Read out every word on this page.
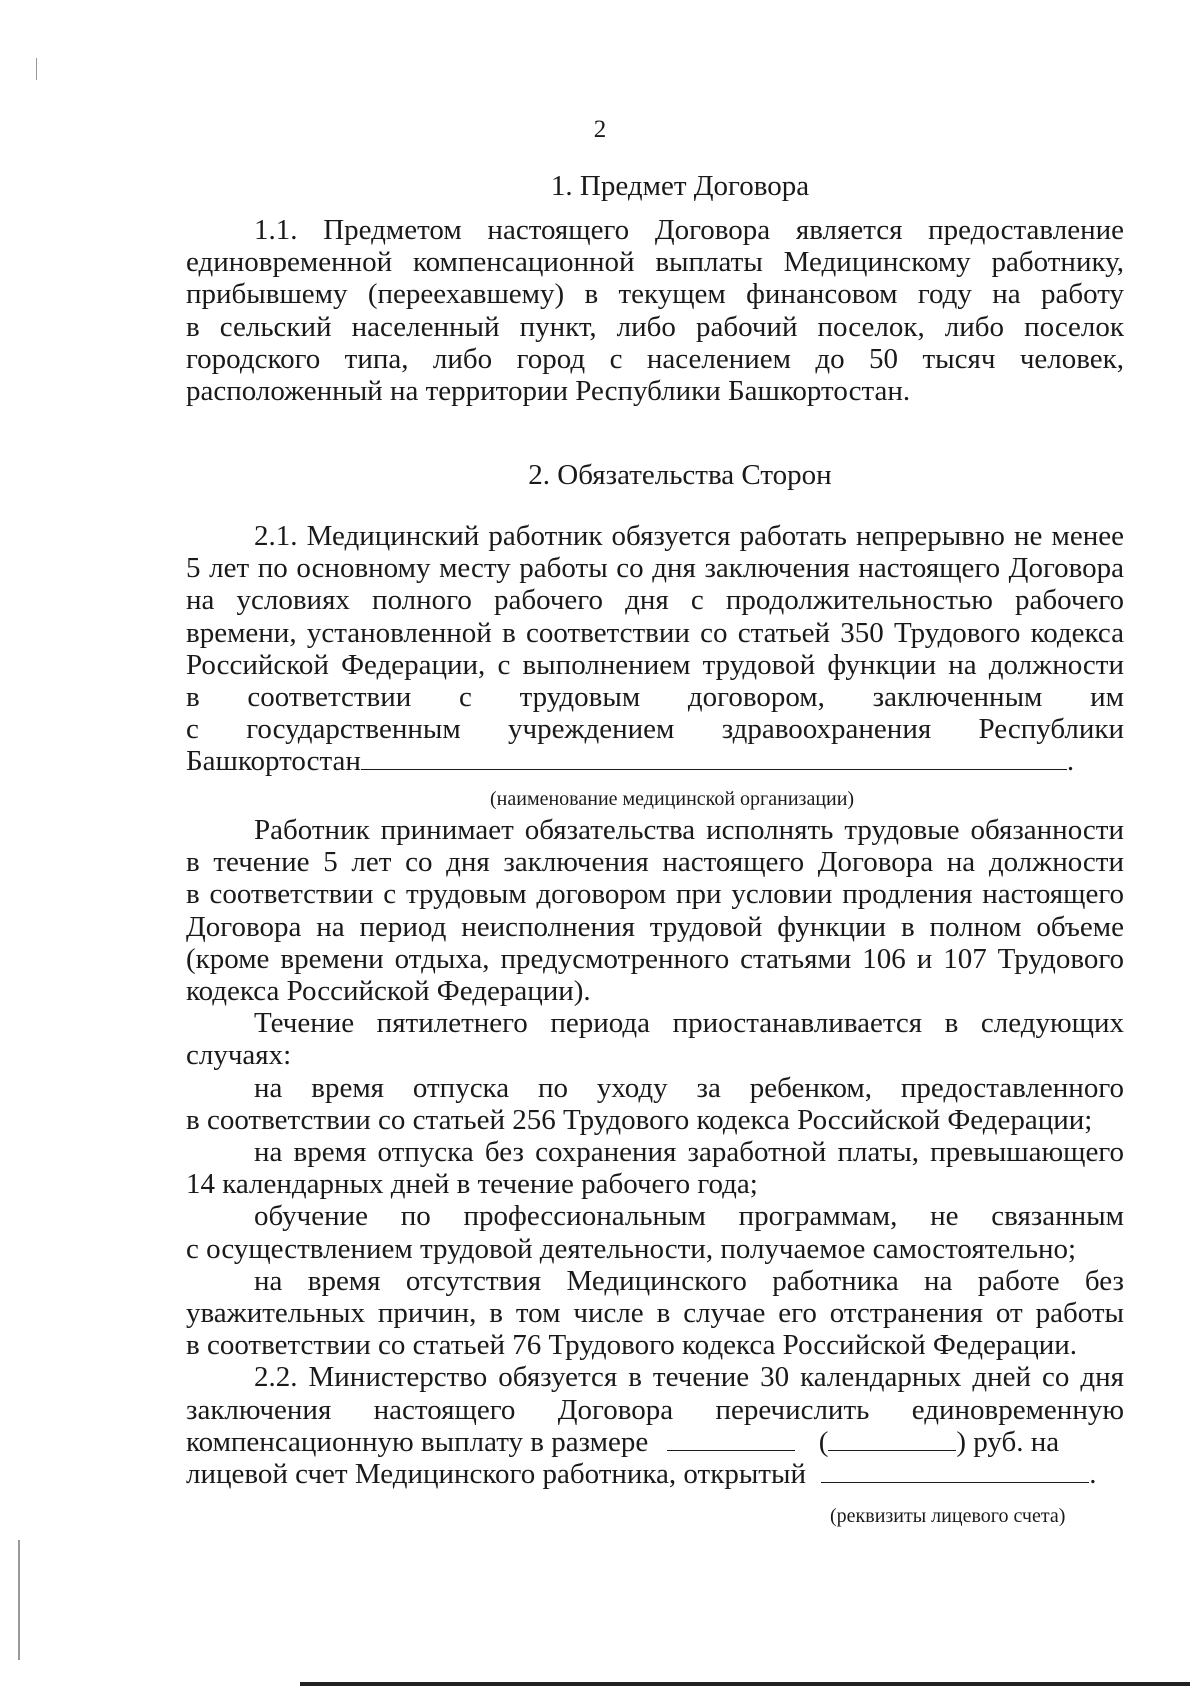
2
1. Предмет Договора
1.1. Предметом настоящего Договора является предоставление
единовременной компенсационной выплаты Медицинскому работнику,
прибывшему (переехавшему) в текущем финансовом году на работу
в сельский населенный пункт, либо рабочий поселок, либо поселок
городского типа, либо город с населением до 50 тысяч человек,
расположенный на территории Республики Башкортостан.
2. Обязательства Сторон
2.1. Медицинский работник обязуется работать непрерывно не менее
5 лет по основному месту работы со дня заключения настоящего Договора
на условиях полного рабочего дня с продолжительностью рабочего
времени, установленной в соответствии со статьей 350 Трудового кодекса
Российской Федерации, с выполнением трудовой функции на должности
в соответствии с трудовым договором, заключенным им
с государственным учреждением здравоохранения Республики
Башкортостан	.
(наименование медицинской организации)
Работник принимает обязательства исполнять трудовые обязанности
в течение 5 лет со дня заключения настоящего Договора на должности
в соответствии с трудовым договором при условии продления настоящего
Договора на период неисполнения трудовой функции в полном объеме
(кроме времени отдыха, предусмотренного статьями 106 и 107 Трудового
кодекса Российской Федерации).
Течение пятилетнего периода приостанавливается в следующих
случаях:
на время отпуска по уходу за ребенком, предоставленного
в соответствии со статьей 256 Трудового кодекса Российской Федерации;
на время отпуска без сохранения заработной платы, превышающего
14 календарных дней в течение рабочего года;
обучение по профессиональным программам, не связанным
с осуществлением трудовой деятельности, получаемое самостоятельно;
на время отсутствия Медицинского работника на работе без
уважительных причин, в том числе в случае его отстранения от работы
в соответствии со статьей 76 Трудового кодекса Российской Федерации.
2.2. Министерство обязуется в течение 30 календарных дней со дня
заключения настоящего Договора перечислить единовременную
компенсационную выплату в размере	(	) руб. на
лицевой счет Медицинского работника, открытый	.
(реквизиты лицевого счета)
